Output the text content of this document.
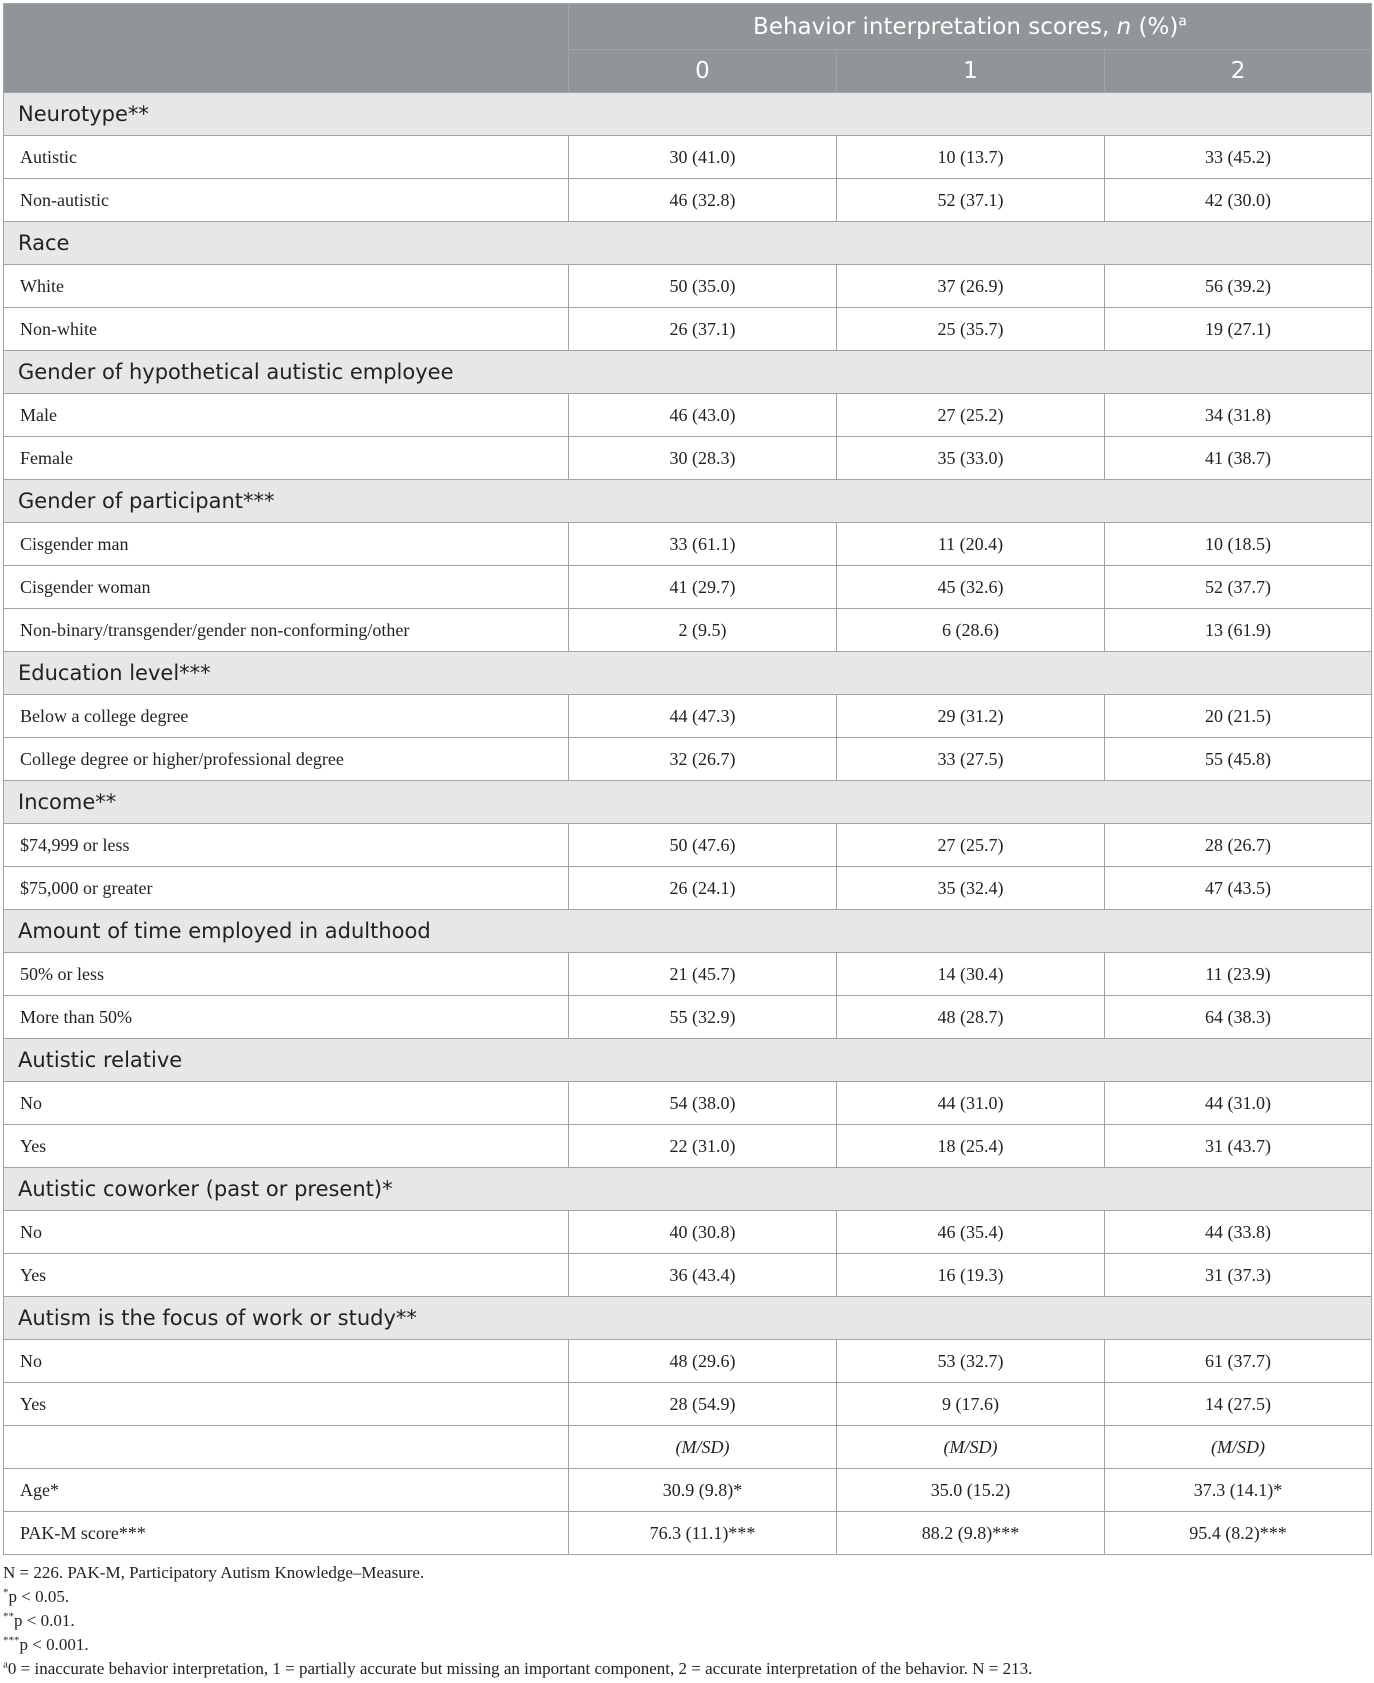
	Behavior interpretation scores, n (%)$^a$
	0	1	2
Neurotype**			
Autistic	30 (41.0)	10 (13.7)	33 (45.2)
Non-autistic	46 (32.8)	52 (37.1)	42 (30.0)
Race			
White	50 (35.0)	37 (26.9)	56 (39.2)
Non-white	26 (37.1)	25 (35.7)	19 (27.1)
Gender of hypothetical autistic employee			
Male	46 (43.0)	27 (25.2)	34 (31.8)
Female	30 (28.3)	35 (33.0)	41 (38.7)
Gender of participant***			
Cisgender man	33 (61.1)	11 (20.4)	10 (18.5)
Cisgender woman	41 (29.7)	45 (32.6)	52 (37.7)
Non-binary/transgender/gender non-conforming/other	2 (9.5)	6 (28.6)	13 (61.9)
Education level***			
Below a college degree	44 (47.3)	29 (31.2)	20 (21.5)
College degree or higher/professional degree	32 (26.7)	33 (27.5)	55 (45.8)
Income**			
$74,999 or less	50 (47.6)	27 (25.7)	28 (26.7)
$75,000 or greater	26 (24.1)	35 (32.4)	47 (43.5)
Amount of time employed in adulthood			
50% or less	21 (45.7)	14 (30.4)	11 (23.9)
More than 50%	55 (32.9)	48 (28.7)	64 (38.3)
Autistic relative			
No	54 (38.0)	44 (31.0)	44 (31.0)
Yes	22 (31.0)	18 (25.4)	31 (43.7)
Autistic coworker (past or present)*			
No	40 (30.8)	46 (35.4)	44 (33.8)
Yes	36 (43.4)	16 (19.3)	31 (37.3)
Autism is the focus of work or study**			
No	48 (29.6)	53 (32.7)	61 (37.7)
Yes	28 (54.9)	9 (17.6)	14 (27.5)
	(M/SD)	(M/SD)	(M/SD)
Age*	30.9 (9.8)*	35.0 (15.2)	37.3 (14.1)*
PAK-M score***	76.3 (11.1)***	88.2 (9.8)***	95.4 (8.2)***
N = 226. PAK-M, Participatory Autism Knowledge–Measure.
*p < 0.05.
**p < 0.01.
***p < 0.001.
$^a$0 = inaccurate behavior interpretation, 1 = partially accurate but missing an important component, 2 = accurate interpretation of the behavior. N = 213.
